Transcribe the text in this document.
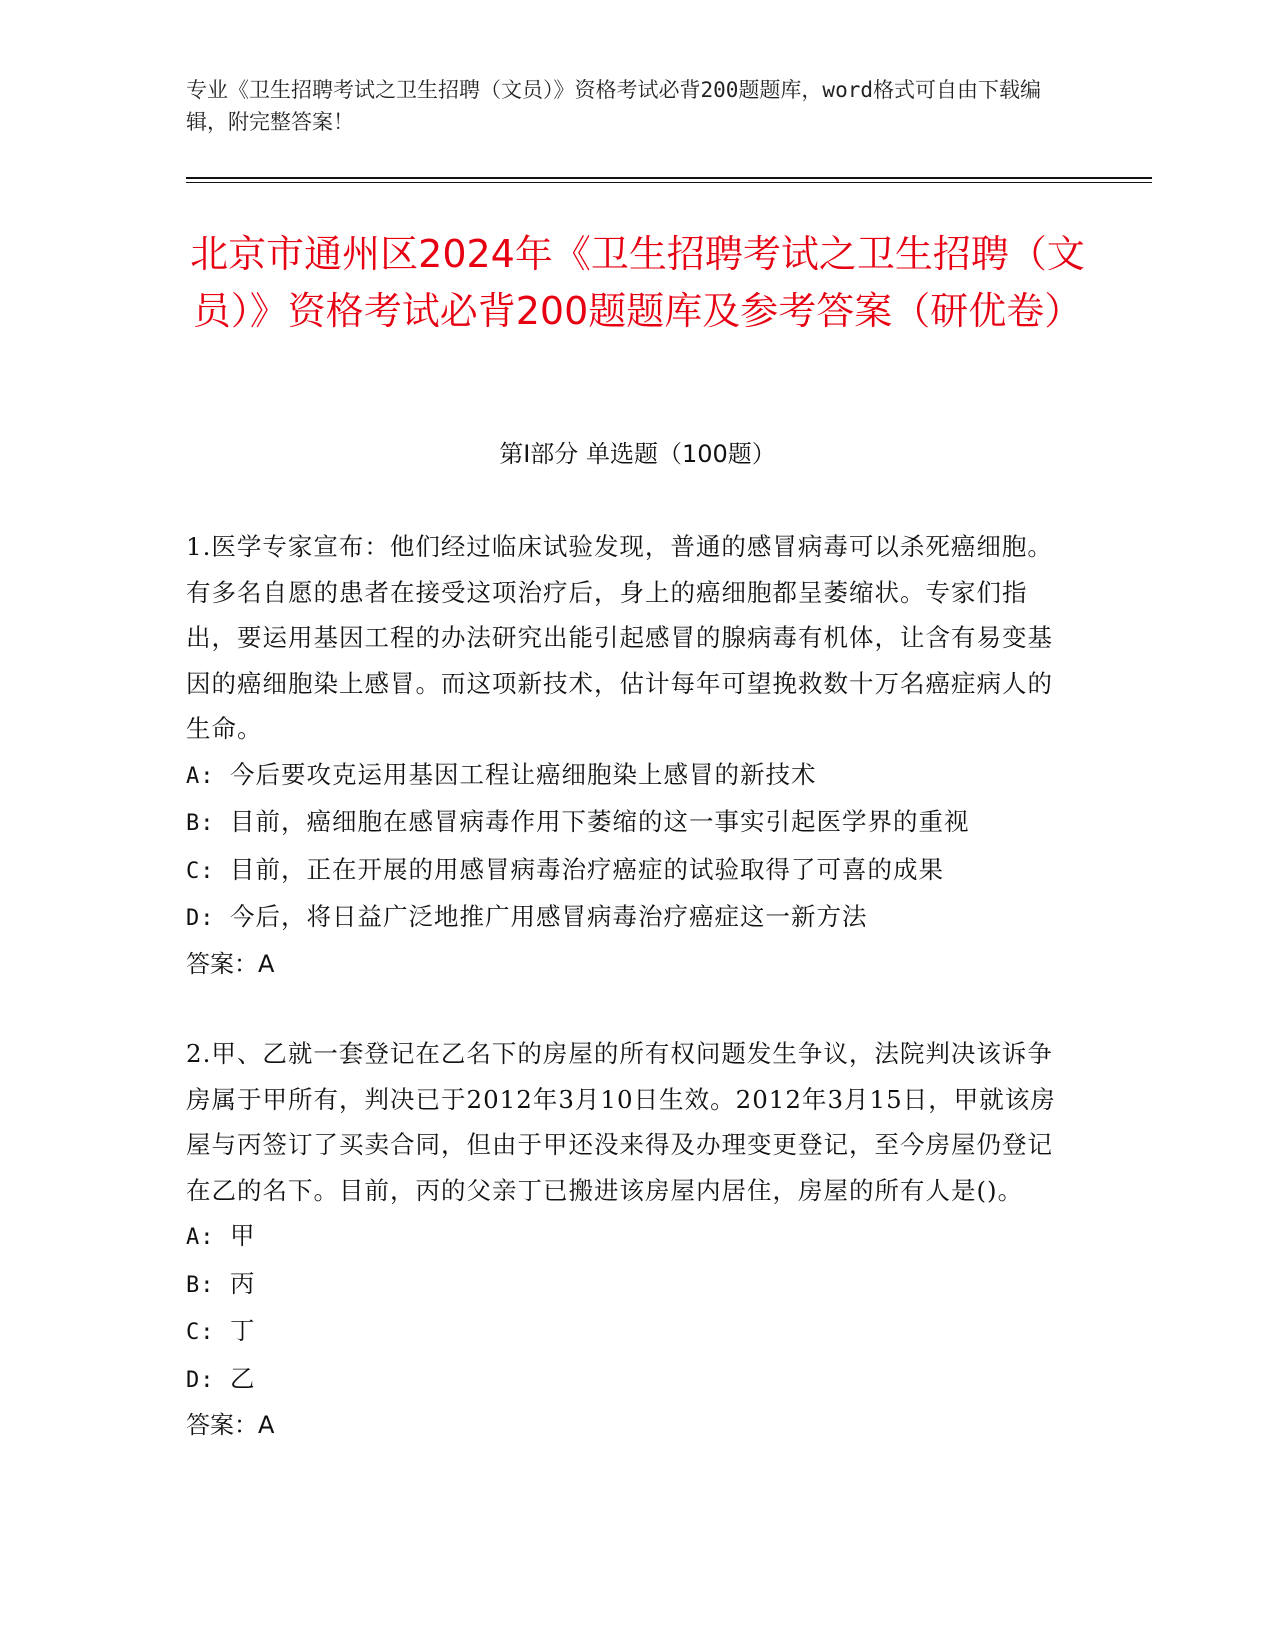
专业《卫生招聘考试之卫生招聘（文员）》资格考试必背200题题库，word格式可自由下载编辑，附完整答案！
北京市通州区2024年《卫生招聘考试之卫生招聘（文员）》资格考试必背200题题库及参考答案（研优卷）
第I部分 单选题（100题）

1.医学专家宣布：他们经过临床试验发现，普通的感冒病毒可以杀死癌细胞。有多名自愿的患者在接受这项治疗后，身上的癌细胞都呈萎缩状。专家们指出，要运用基因工程的办法研究出能引起感冒的腺病毒有机体，让含有易变基因的癌细胞染上感冒。而这项新技术，估计每年可望挽救数十万名癌症病人的生命。

A: 今后要攻克运用基因工程让癌细胞染上感冒的新技术
B: 目前，癌细胞在感冒病毒作用下萎缩的这一事实引起医学界的重视
C: 目前，正在开展的用感冒病毒治疗癌症的试验取得了可喜的成果
D: 今后，将日益广泛地推广用感冒病毒治疗癌症这一新方法

答案：A

2.甲、乙就一套登记在乙名下的房屋的所有权问题发生争议，法院判决该诉争房属于甲所有，判决已于2012年3月10日生效。2012年3月15日，甲就该房屋与丙签订了买卖合同，但由于甲还没来得及办理变更登记，至今房屋仍登记在乙的名下。目前，丙的父亲丁已搬进该房屋内居住，房屋的所有人是()。

A: 甲
B: 丙
C: 丁
D: 乙

答案：A
